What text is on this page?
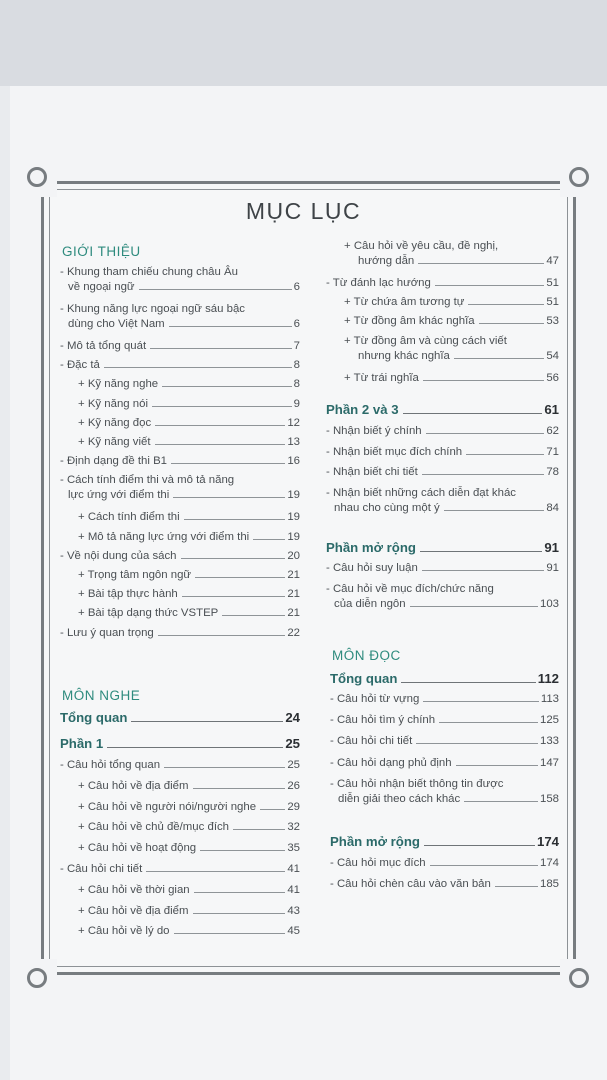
MỤC LỤC
GIỚI THIỆU
- Khung tham chiếu chung châu Âu
về ngoại ngữ	6
- Khung năng lực ngoại ngữ sáu bậc
dùng cho Việt Nam	6
- Mô tả tổng quát	7
- Đặc tả	8
+ Kỹ năng nghe	8
+ Kỹ năng nói	9
+ Kỹ năng đọc	12
+ Kỹ năng viết	13
- Định dạng đề thi B1	16
- Cách tính điểm thi và mô tả năng
lực ứng với điểm thi	19
+ Cách tính điểm thi	19
+ Mô tả năng lực ứng với điểm thi	19
- Về nội dung của sách	20
+ Trọng tâm ngôn ngữ	21
+ Bài tập thực hành	21
+ Bài tập dạng thức VSTEP	21
- Lưu ý quan trọng	22
MÔN NGHE
Tổng quan	24
Phần 1	25
- Câu hỏi tổng quan	25
+ Câu hỏi về địa điểm	26
+ Câu hỏi về người nói/người nghe	29
+ Câu hỏi về chủ đề/mục đích	32
+ Câu hỏi về hoạt động	35
- Câu hỏi chi tiết	41
+ Câu hỏi về thời gian	41
+ Câu hỏi về địa điểm	43
+ Câu hỏi về lý do	45
+ Câu hỏi về yêu cầu, đề nghị,
hướng dẫn	47
- Từ đánh lạc hướng	51
+ Từ chứa âm tương tự	51
+ Từ đồng âm khác nghĩa	53
+ Từ đồng âm và cùng cách viết
nhưng khác nghĩa	54
+ Từ trái nghĩa	56
Phần 2 và 3	61
- Nhận biết ý chính	62
- Nhận biết mục đích chính	71
- Nhận biết chi tiết	78
- Nhận biết những cách diễn đạt khác
nhau cho cùng một ý	84
Phần mở rộng	91
- Câu hỏi suy luận	91
- Câu hỏi về mục đích/chức năng
của diễn ngôn	103
MÔN ĐỌC
Tổng quan	112
- Câu hỏi từ vựng	113
- Câu hỏi tìm ý chính	125
- Câu hỏi chi tiết	133
- Câu hỏi dạng phủ định	147
- Câu hỏi nhận biết thông tin được
diễn giải theo cách khác	158
Phần mở rộng	174
- Câu hỏi mục đích	174
- Câu hỏi chèn câu vào văn bản	185
